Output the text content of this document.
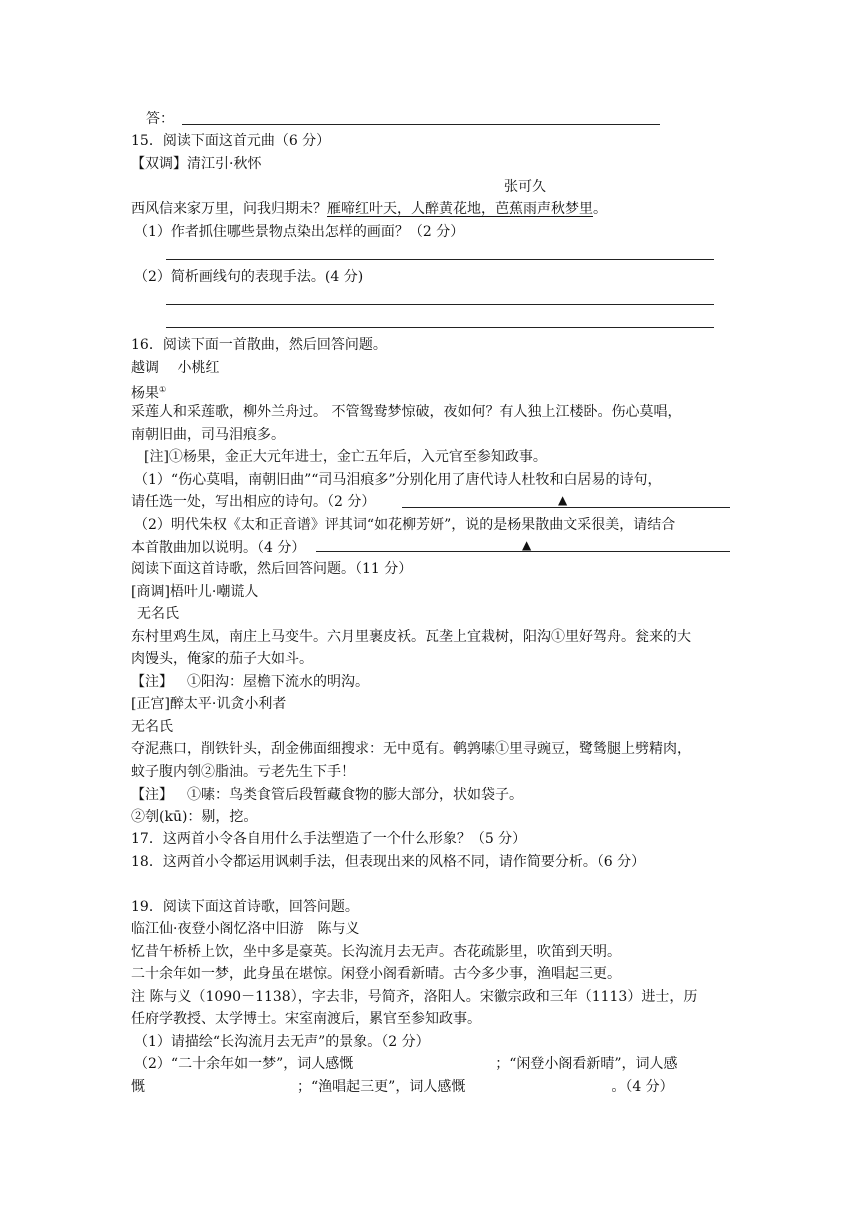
答：
15．阅读下面这首元曲（6 分）
【双调】清江引·秋怀
张可久
西风信来家万里，问我归期未？雁啼红叶天，人醉黄花地，芭蕉雨声秋梦里。
（1）作者抓住哪些景物点染出怎样的画面？（2 分）
（2）简析画线句的表现手法。(4 分)
16．阅读下面一首散曲，然后回答问题。
越调　 小桃红
杨果①
采莲人和采莲歌，柳外兰舟过。 不管鸳鸯梦惊破，夜如何？有人独上江楼卧。伤心莫唱，
南朝旧曲，司马泪痕多。
[注]①杨果，金正大元年进士，金亡五年后，入元官至参知政事。
（1）“伤心莫唱，南朝旧曲”“司马泪痕多”分别化用了唐代诗人杜牧和白居易的诗句，
请任选一处，写出相应的诗句。（2 分）	▲
（2）明代朱权《太和正音谱》评其词“如花柳芳妍”，说的是杨果散曲文采很美，请结合
本首散曲加以说明。（4 分）	▲
阅读下面这首诗歌，然后回答问题。（11 分）
[商调]梧叶儿·嘲谎人
无名氏
东村里鸡生凤，南庄上马变牛。六月里裹皮袄。瓦垄上宜栽树，阳沟①里好驾舟。瓮来的大
肉馒头，俺家的茄子大如斗。
【注】 ①阳沟：屋檐下流水的明沟。
[正宫]醉太平·讥贪小利者
无名氏
夺泥燕口，削铁针头，刮金佛面细搜求：无中觅有。鹌鹑嗉①里寻豌豆，鹭鸶腿上劈精肉，
蚊子腹内刳②脂油。亏老先生下手！
【注】 ①嗉：鸟类食管后段暂藏食物的膨大部分，状如袋子。
②刳(kū)：剔，挖。
17．这两首小令各自用什么手法塑造了一个什么形象？（5 分）
18．这两首小令都运用讽刺手法，但表现出来的风格不同，请作简要分析。（6 分）
19．阅读下面这首诗歌，回答问题。
临江仙·夜登小阁忆洛中旧游　陈与义
忆昔午桥桥上饮，坐中多是豪英。长沟流月去无声。杏花疏影里，吹笛到天明。
二十余年如一梦，此身虽在堪惊。闲登小阁看新晴。古今多少事，渔唱起三更。
注 陈与义（1090－1138），字去非，号简齐，洛阳人。宋徽宗政和三年（1113）进士，历
任府学教授、太学博士。宋室南渡后，累官至参知政事。
（1）请描绘“长沟流月去无声”的景象。（2 分）
（2）“二十余年如一梦”，词人感慨	；“闲登小阁看新晴”，词人感
慨	；“渔唱起三更”，词人感慨	。（4 分）
